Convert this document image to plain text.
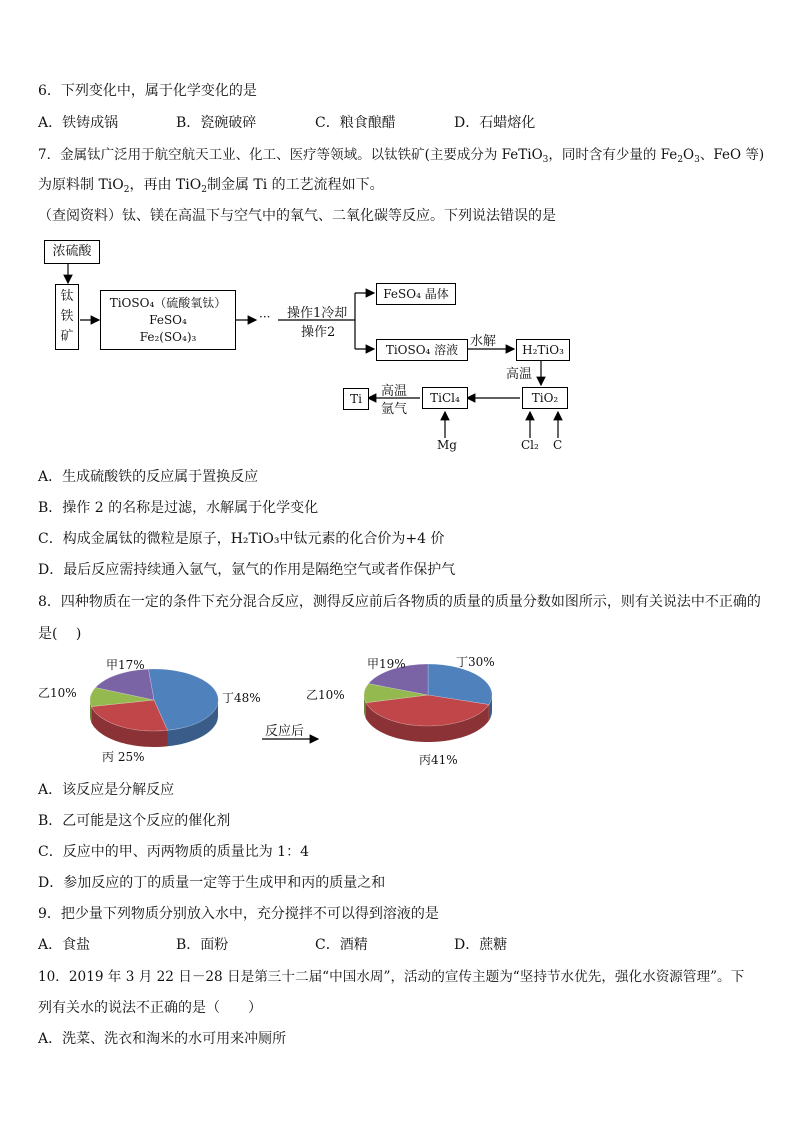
6．下列变化中，属于化学变化的是
A．铁铸成锅	B．瓷碗破碎	C．粮食酿醋	D．石蜡熔化
7．金属钛广泛用于航空航天工业、化工、医疗等领域。以钛铁矿(主要成分为 FeTiO$_3$，同时含有少量的 $Fe_2O_3$、FeO 等)
为原料制 TiO$_2$，再由 TiO$_2$制金属 Ti 的工艺流程如下。
（查阅资料）钛、镁在高温下与空气中的氧气、二氧化碳等反应。下列说法错误的是
浓硫酸
钛铁矿
TiOSO₄（硫酸氧钛）
FeSO₄
Fe₂(SO₄)₃
··· 操作1冷却
操作2
FeSO₄ 晶体
TiOSO₄ 溶液
水解
H₂TiO₃
高温
TiO₂
TiCl₄
Ti	高温
氩气
Mg	Cl₂ C
A．生成硫酸铁的反应属于置换反应
B．操作 2 的名称是过滤，水解属于化学变化
C．构成金属钛的微粒是原子，H₂TiO₃中钛元素的化合价为+4 价
D．最后反应需持续通入氩气，氩气的作用是隔绝空气或者作保护气
8．四种物质在一定的条件下充分混合反应，测得反应前后各物质的质量的质量分数如图所示，则有关说法中不正确的
是(　 )
甲17%
乙10%
丙 25%
丁48%
反应后
甲19%
乙10%
丙41%
丁30%
A．该反应是分解反应
B．乙可能是这个反应的催化剂
C．反应中的甲、丙两物质的质量比为 1：4
D．参加反应的丁的质量一定等于生成甲和丙的质量之和
9．把少量下列物质分别放入水中，充分搅拌不可以得到溶液的是
A．食盐	B．面粉	C．酒精	D．蔗糖
10．2019 年 3 月 22 日－28 日是第三十二届“中国水周”，活动的宣传主题为“坚持节水优先，强化水资源管理”。下
列有关水的说法不正确的是（　　）
A．洗菜、洗衣和淘米的水可用来冲厕所
